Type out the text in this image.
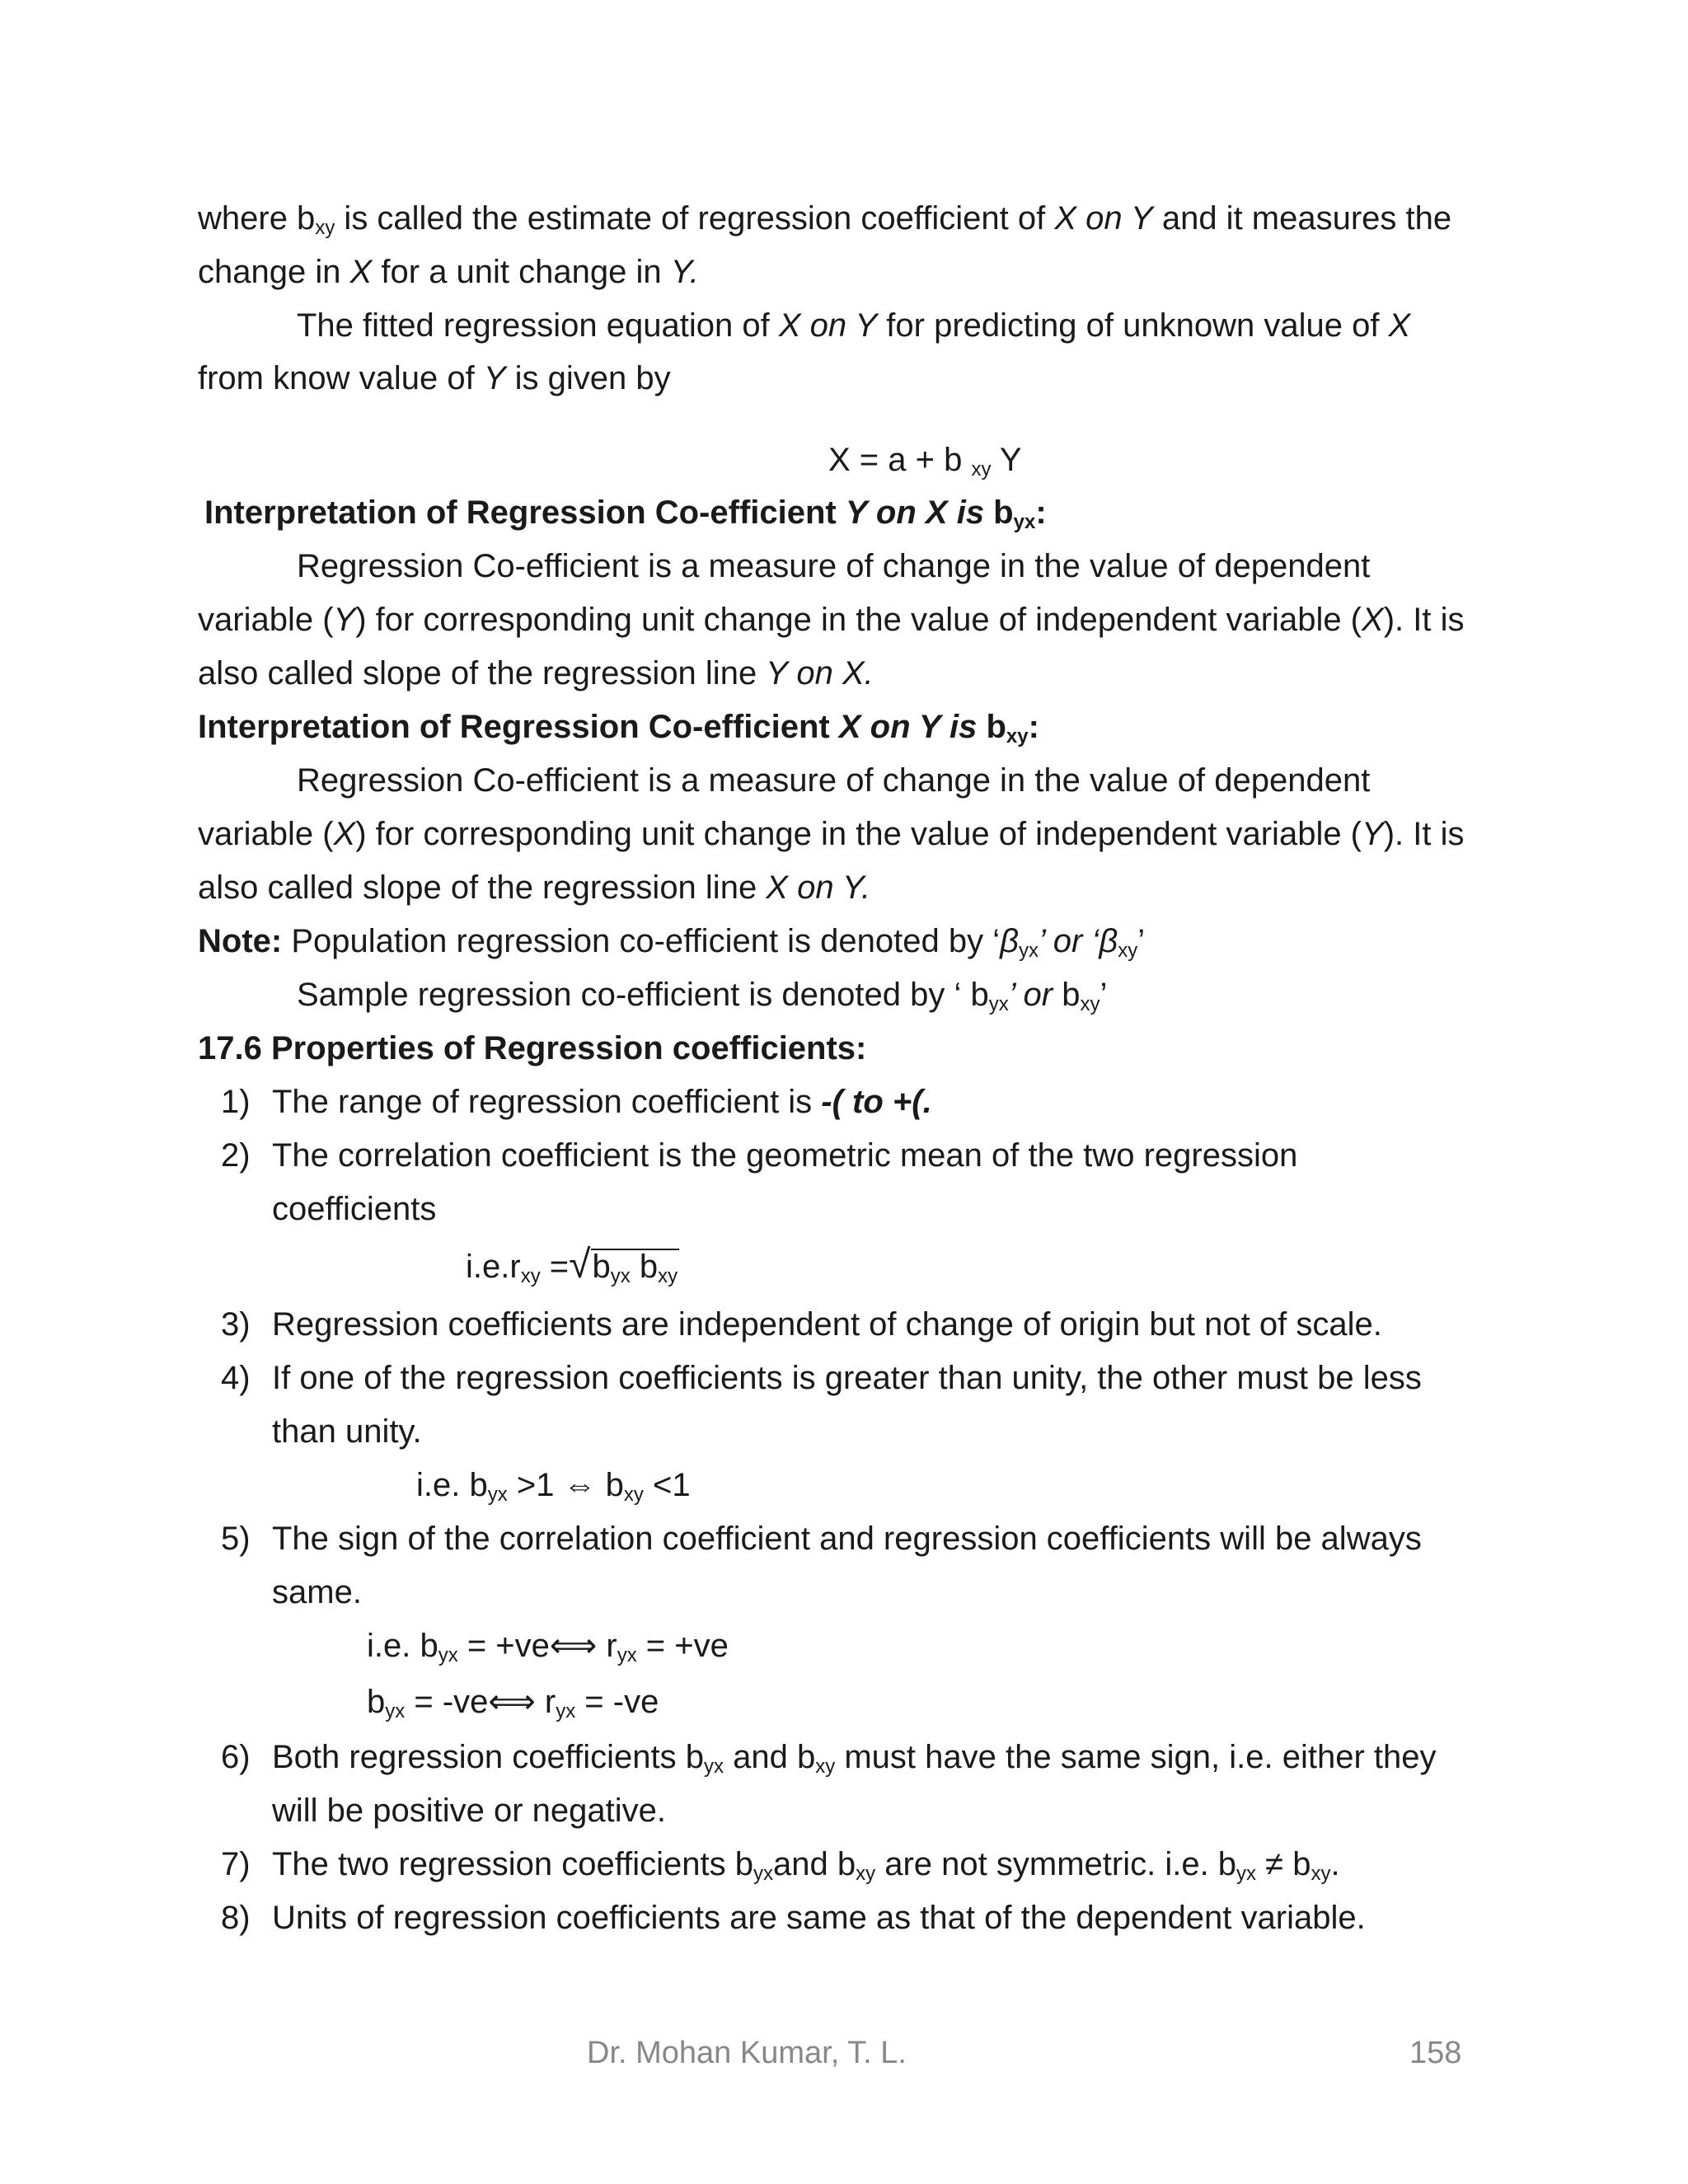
where $b_{xy}$ is called the estimate of regression coefficient of X on Y and it measures the
change in X for a unit change in Y.
The fitted regression equation of X on Y for predicting of unknown value of X
from know value of Y is given by
X = a + b $_{xy}$ Y
Interpretation of Regression Co-efficient Y on X is $b_{yx}$:
Regression Co-efficient is a measure of change in the value of dependent
variable (Y) for corresponding unit change in the value of independent variable (X). It is
also called slope of the regression line Y on X.
Interpretation of Regression Co-efficient X on Y is $b_{xy}$:
Regression Co-efficient is a measure of change in the value of dependent
variable (X) for corresponding unit change in the value of independent variable (Y). It is
also called slope of the regression line X on Y.
Note: Population regression co-efficient is denoted by ‘$\beta_{yx}$’ or ‘$\beta_{xy}$’
Sample regression co-efficient is denoted by ‘ $b_{yx}$’ or $b_{xy}$’
17.6 Properties of Regression coefficients:
1) The range of regression coefficient is -( to +(.
2) The correlation coefficient is the geometric mean of the two regression
coefficients
$i.e.r_{xy} =√b_{yx}$ $b_{xy}$
3) Regression coefficients are independent of change of origin but not of scale.
4) If one of the regression coefficients is greater than unity, the other must be less
than unity.
i.e. $b_{yx} >1$ ⇔ $b_{xy} <1$
5) The sign of the correlation coefficient and regression coefficients will be always
same.
i.e. $b_{yx}$ = +ve⟺ $r_{yx} = +ve$
$b_{yx}$ = -ve⟺ $r_{yx} = -ve$
6) Both regression coefficients $b_{yx}$ and $b_{xy}$ must have the same sign, i.e. either they
will be positive or negative.
7) The two regression coefficients $b_{yx}and$ $b_{xy}$ are not symmetric. i.e. $b_{yx} \ne b_{xy}$.
8) Units of regression coefficients are same as that of the dependent variable.
Dr. Mohan Kumar, T. L.	158
